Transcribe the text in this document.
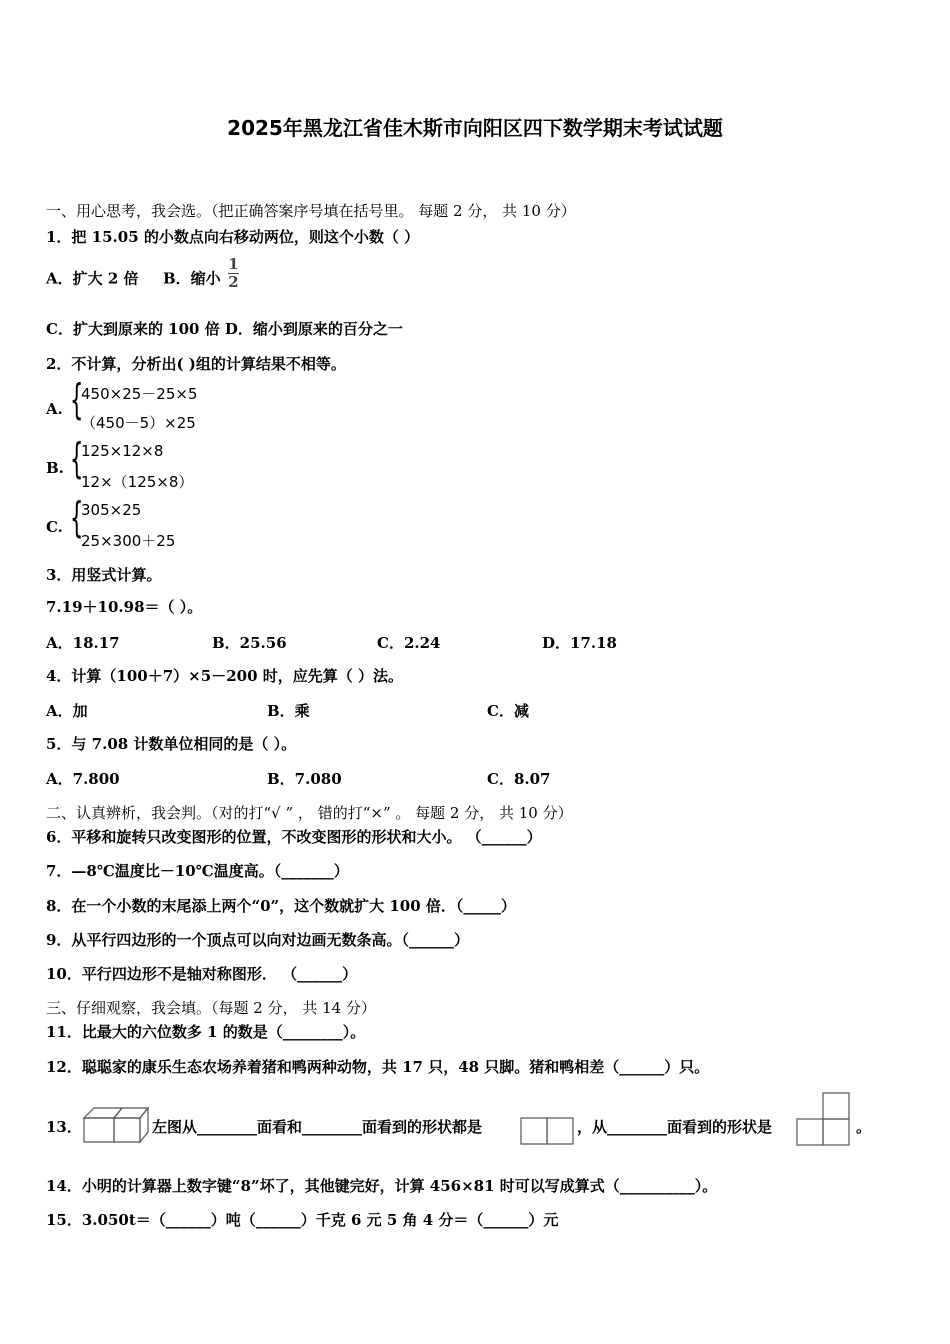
2025年黑龙江省佳木斯市向阳区四下数学期末考试试题
一、用心思考，我会选。（把正确答案序号填在括号里。 每题 2 分， 共 10 分）
1．把 15.05 的小数点向右移动两位，则这个小数（ ）
A．扩大 2 倍 B．缩小 $\frac{1}{2}$
C．扩大到原来的 100 倍 D．缩小到原来的百分之一
2．不计算，分析出( )组的计算结果不相等。
A. {
450×25－25×5
（450－5）×25
B. {
125×12×8
12×（125×8）
C. {
305×25
25×300＋25
3．用竖式计算。
7.19＋10.98＝（ ）。
A．18.17	B．25.56	C．2.24	D．17.18
4．计算（100＋7）×5－200 时，应先算（ ）法。
A．加	B．乘	C．减
5．与 7.08 计数单位相同的是（ ）。
A．7.800	B．7.080	C．8.07
二、认真辨析，我会判。（对的打“√ ” ， 错的打“×” 。 每题 2 分， 共 10 分）
6．平移和旋转只改变图形的位置，不改变图形的形状和大小。 （______）
7．—8℃温度比－10℃温度高。（_______）
8．在一个小数的末尾添上两个“0”，这个数就扩大 100 倍．（_____）
9．从平行四边形的一个顶点可以向对边画无数条高。（______）
10．平行四边形不是轴对称图形． （______）
三、仔细观察，我会填。（每题 2 分， 共 14 分）
11．比最大的六位数多 1 的数是（________）。
12．聪聪家的康乐生态农场养着猪和鸭两种动物，共 17 只，48 只脚。猪和鸭相差（______）只。
13．	左图从________面看和________面看到的形状都是	，从________面看到的形状是	。
14．小明的计算器上数字键“8”坏了，其他键完好，计算 456×81 时可以写成算式（__________）。
15．3.050t＝（______）吨（______）千克 6 元 5 角 4 分＝（______）元
